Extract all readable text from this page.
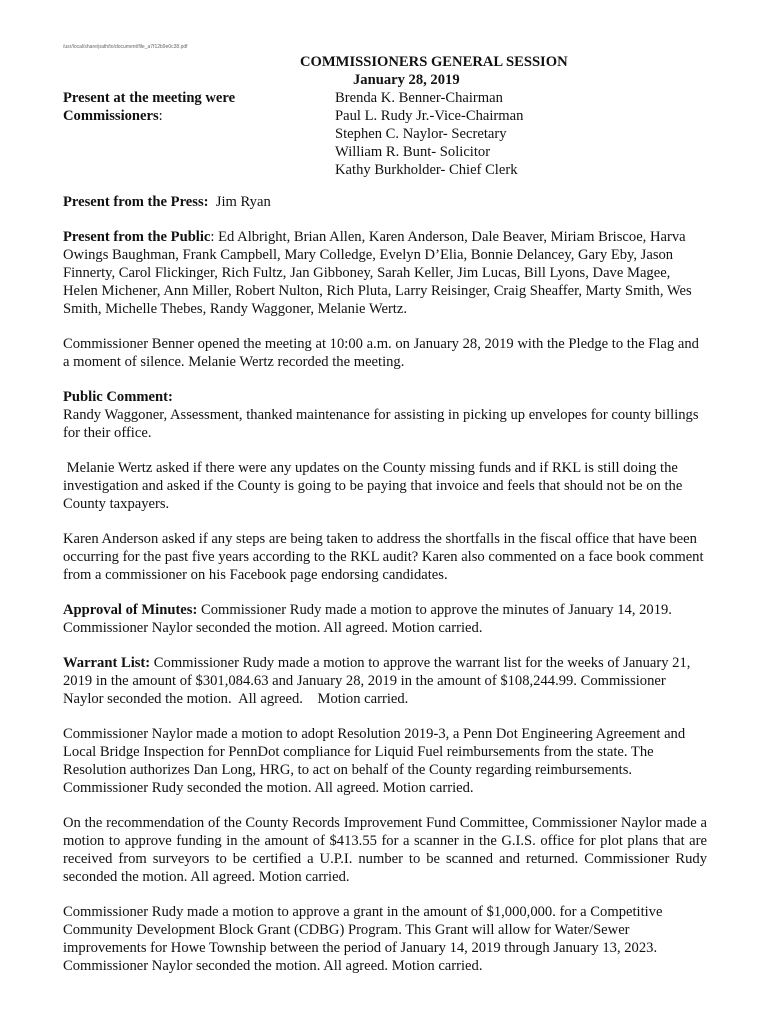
/usr/local/share/path/to/document/file_a7f12b9e0c38.pdf
COMMISSIONERS GENERAL SESSION
January 28, 2019
Present at the meeting were
Commissioners:
Brenda K. Benner-Chairman
Paul L. Rudy Jr.-Vice-Chairman
Stephen C. Naylor- Secretary
William R. Bunt- Solicitor
Kathy Burkholder- Chief Clerk

Present from the Press:  Jim Ryan

Present from the Public: Ed Albright, Brian Allen, Karen Anderson, Dale Beaver, Miriam Briscoe, Harva Owings Baughman, Frank Campbell, Mary Colledge, Evelyn D’Elia, Bonnie Delancey, Gary Eby, Jason Finnerty, Carol Flickinger, Rich Fultz, Jan Gibboney, Sarah Keller, Jim Lucas, Bill Lyons, Dave Magee, Helen Michener, Ann Miller, Robert Nulton, Rich Pluta, Larry Reisinger, Craig Sheaffer, Marty Smith, Wes Smith, Michelle Thebes, Randy Waggoner, Melanie Wertz.

Commissioner Benner opened the meeting at 10:00 a.m. on January 28, 2019 with the Pledge to the Flag and a moment of silence. Melanie Wertz recorded the meeting.

Public Comment:
Randy Waggoner, Assessment, thanked maintenance for assisting in picking up envelopes for county billings for their office.

Melanie Wertz asked if there were any updates on the County missing funds and if RKL is still doing the investigation and asked if the County is going to be paying that invoice and feels that should not be on the County taxpayers.

Karen Anderson asked if any steps are being taken to address the shortfalls in the fiscal office that have been occurring for the past five years according to the RKL audit? Karen also commented on a face book comment from a commissioner on his Facebook page endorsing candidates.

Approval of Minutes: Commissioner Rudy made a motion to approve the minutes of January 14, 2019. Commissioner Naylor seconded the motion. All agreed. Motion carried.

Warrant List: Commissioner Rudy made a motion to approve the warrant list for the weeks of January 21, 2019 in the amount of $301,084.63 and January 28, 2019 in the amount of $108,244.99. Commissioner Naylor seconded the motion.  All agreed.    Motion carried.

Commissioner Naylor made a motion to adopt Resolution 2019-3, a Penn Dot Engineering Agreement and Local Bridge Inspection for PennDot compliance for Liquid Fuel reimbursements from the state. The Resolution authorizes Dan Long, HRG, to act on behalf of the County regarding reimbursements. Commissioner Rudy seconded the motion. All agreed. Motion carried.

On the recommendation of the County Records Improvement Fund Committee, Commissioner Naylor made a motion to approve funding in the amount of $413.55 for a scanner in the G.I.S. office for plot plans that are received from surveyors to be certified a U.P.I. number to be scanned and returned. Commissioner Rudy seconded the motion. All agreed. Motion carried.

Commissioner Rudy made a motion to approve a grant in the amount of $1,000,000. for a Competitive Community Development Block Grant (CDBG) Program. This Grant will allow for Water/Sewer improvements for Howe Township between the period of January 14, 2019 through January 13, 2023. Commissioner Naylor seconded the motion. All agreed. Motion carried.
